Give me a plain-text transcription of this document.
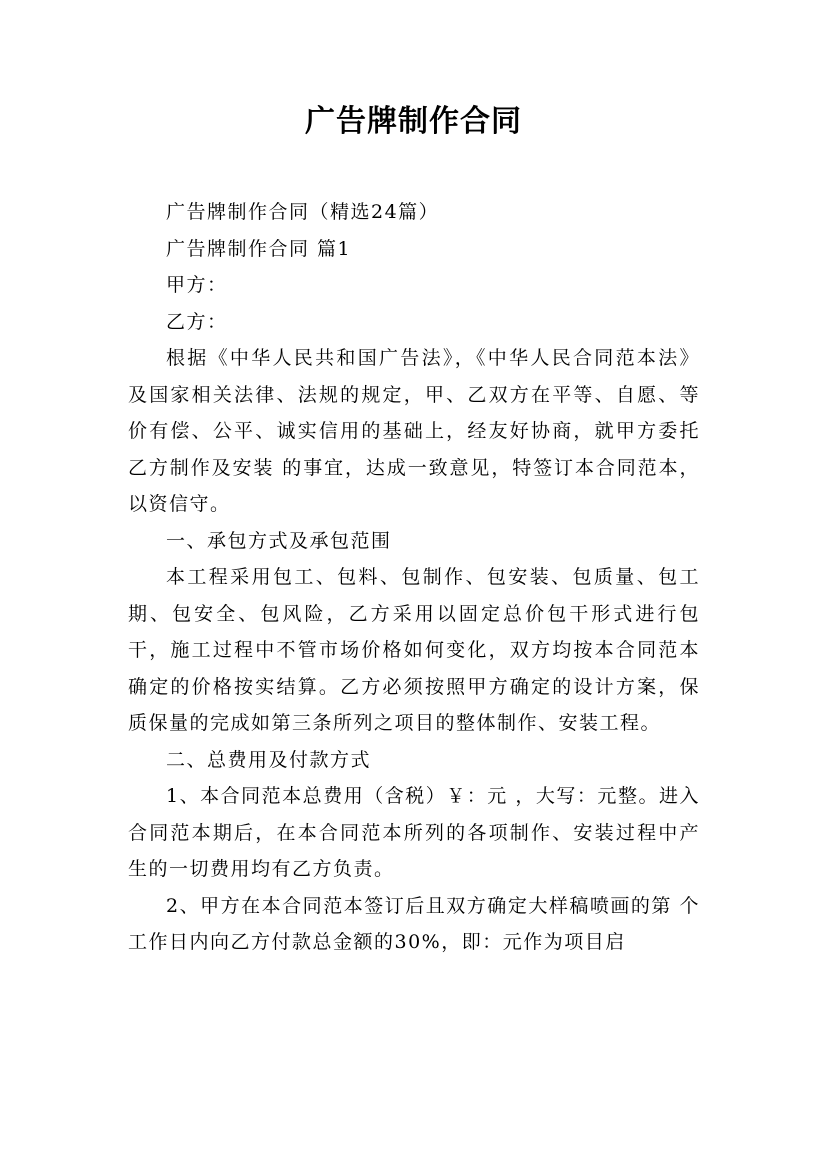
广告牌制作合同

广告牌制作合同（精选24篇）

广告牌制作合同 篇1

甲方：

乙方：

根据《中华人民共和国广告法》，《中华人民合同范本法》及国家相关法律、法规的规定，甲、乙双方在平等、自愿、等价有偿、公平、诚实信用的基础上，经友好协商，就甲方委托乙方制作及安装 的事宜，达成一致意见，特签订本合同范本，以资信守。

一、承包方式及承包范围

本工程采用包工、包料、包制作、包安装、包质量、包工期、包安全、包风险，乙方采用以固定总价包干形式进行包干，施工过程中不管市场价格如何变化，双方均按本合同范本确定的价格按实结算。乙方必须按照甲方确定的设计方案，保质保量的完成如第三条所列之项目的整体制作、安装工程。

二、总费用及付款方式

1、本合同范本总费用（含税）￥：元 ，大写：元整。进入合同范本期后，在本合同范本所列的各项制作、安装过程中产生的一切费用均有乙方负责。

2、甲方在本合同范本签订后且双方确定大样稿喷画的第 个工作日内向乙方付款总金额的30%，即：元作为项目启
